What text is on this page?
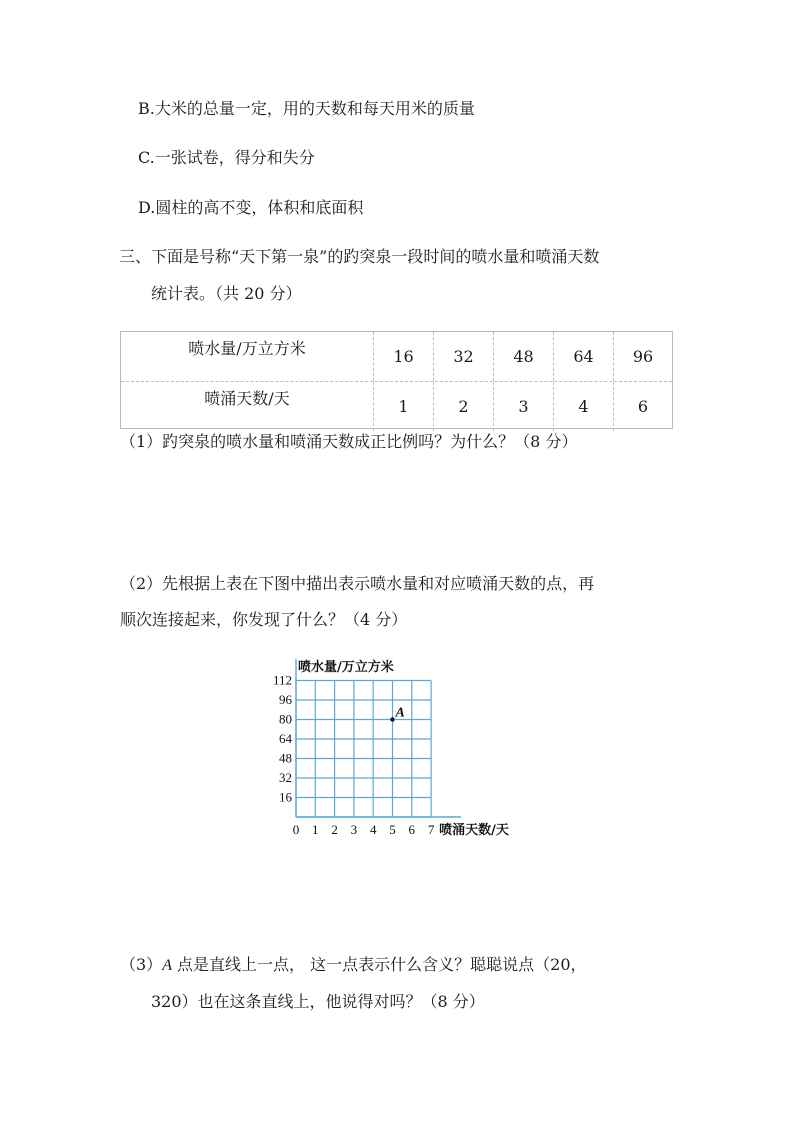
B.大米的总量一定，用的天数和每天用米的质量
C.一张试卷，得分和失分
D.圆柱的高不变，体积和底面积
三、下面是号称“天下第一泉”的趵突泉一段时间的喷水量和喷涌天数
统计表。（共 20 分）
喷水量/万立方米	16	32	48	64	96
喷涌天数/天	1	2	3	4	6
（1）趵突泉的喷水量和喷涌天数成正比例吗？为什么？（8 分）
（2）先根据上表在下图中描出表示喷水量和对应喷涌天数的点，再
顺次连接起来，你发现了什么？（4 分）
喷水量/万立方米
16
32
48
64
80
96
112
0 1 2 3 4 5 6 7 喷涌天数/天
A
（3）A 点是直线上一点， 这一点表示什么含义？聪聪说点（20，
320）也在这条直线上，他说得对吗？（8 分）
